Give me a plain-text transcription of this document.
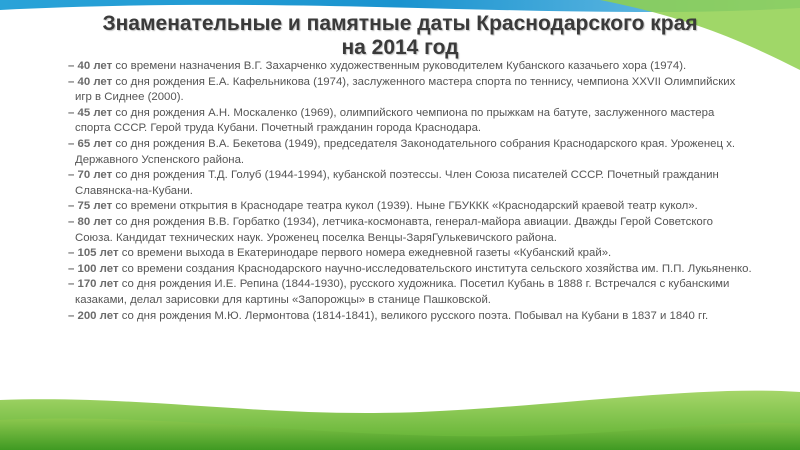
Знаменательные и памятные даты Краснодарского края
на 2014 год

– 40 лет со времени назначения В.Г. Захарченко художественным руководителем Кубанского казачьего хора (1974).

– 40 лет со дня рождения Е.А. Кафельникова (1974), заслуженного мастера спорта по теннису, чемпиона XXVII Олимпийских игр в Сиднее (2000).

– 45 лет со дня рождения А.Н. Москаленко (1969), олимпийского чемпиона по прыжкам на батуте, заслуженного мастера спорта СССР. Герой труда Кубани. Почетный гражданин города Краснодара.

– 65 лет со дня рождения В.А. Бекетова (1949), председателя Законодательного собрания Краснодарского края. Уроженец х. Державного Успенского района.

– 70 лет со дня рождения Т.Д. Голуб (1944-1994), кубанской поэтессы. Член Союза писателей СССР. Почетный гражданин Славянска-на-Кубани.

– 75 лет со времени открытия в Краснодаре театра кукол (1939). Ныне ГБУККК «Краснодарский краевой театр кукол».

– 80 лет со дня рождения В.В. Горбатко (1934), летчика-космонавта, генерал-майора авиации. Дважды Герой Советского Союза. Кандидат технических наук. Уроженец поселка Венцы-ЗаряГулькевичского района.

– 105 лет со времени выхода в Екатеринодаре первого номера ежедневной газеты «Кубанский край».

– 100 лет со времени создания Краснодарского научно-исследовательского института сельского хозяйства им. П.П. Лукьяненко.

– 170 лет со дня рождения И.Е. Репина (1844-1930), русского художника. Посетил Кубань в 1888 г. Встречался с кубанскими казаками, делал зарисовки для картины «Запорожцы» в станице Пашковской.

– 200 лет со дня рождения М.Ю. Лермонтова (1814-1841), великого русского поэта. Побывал на Кубани в 1837 и 1840 гг.
